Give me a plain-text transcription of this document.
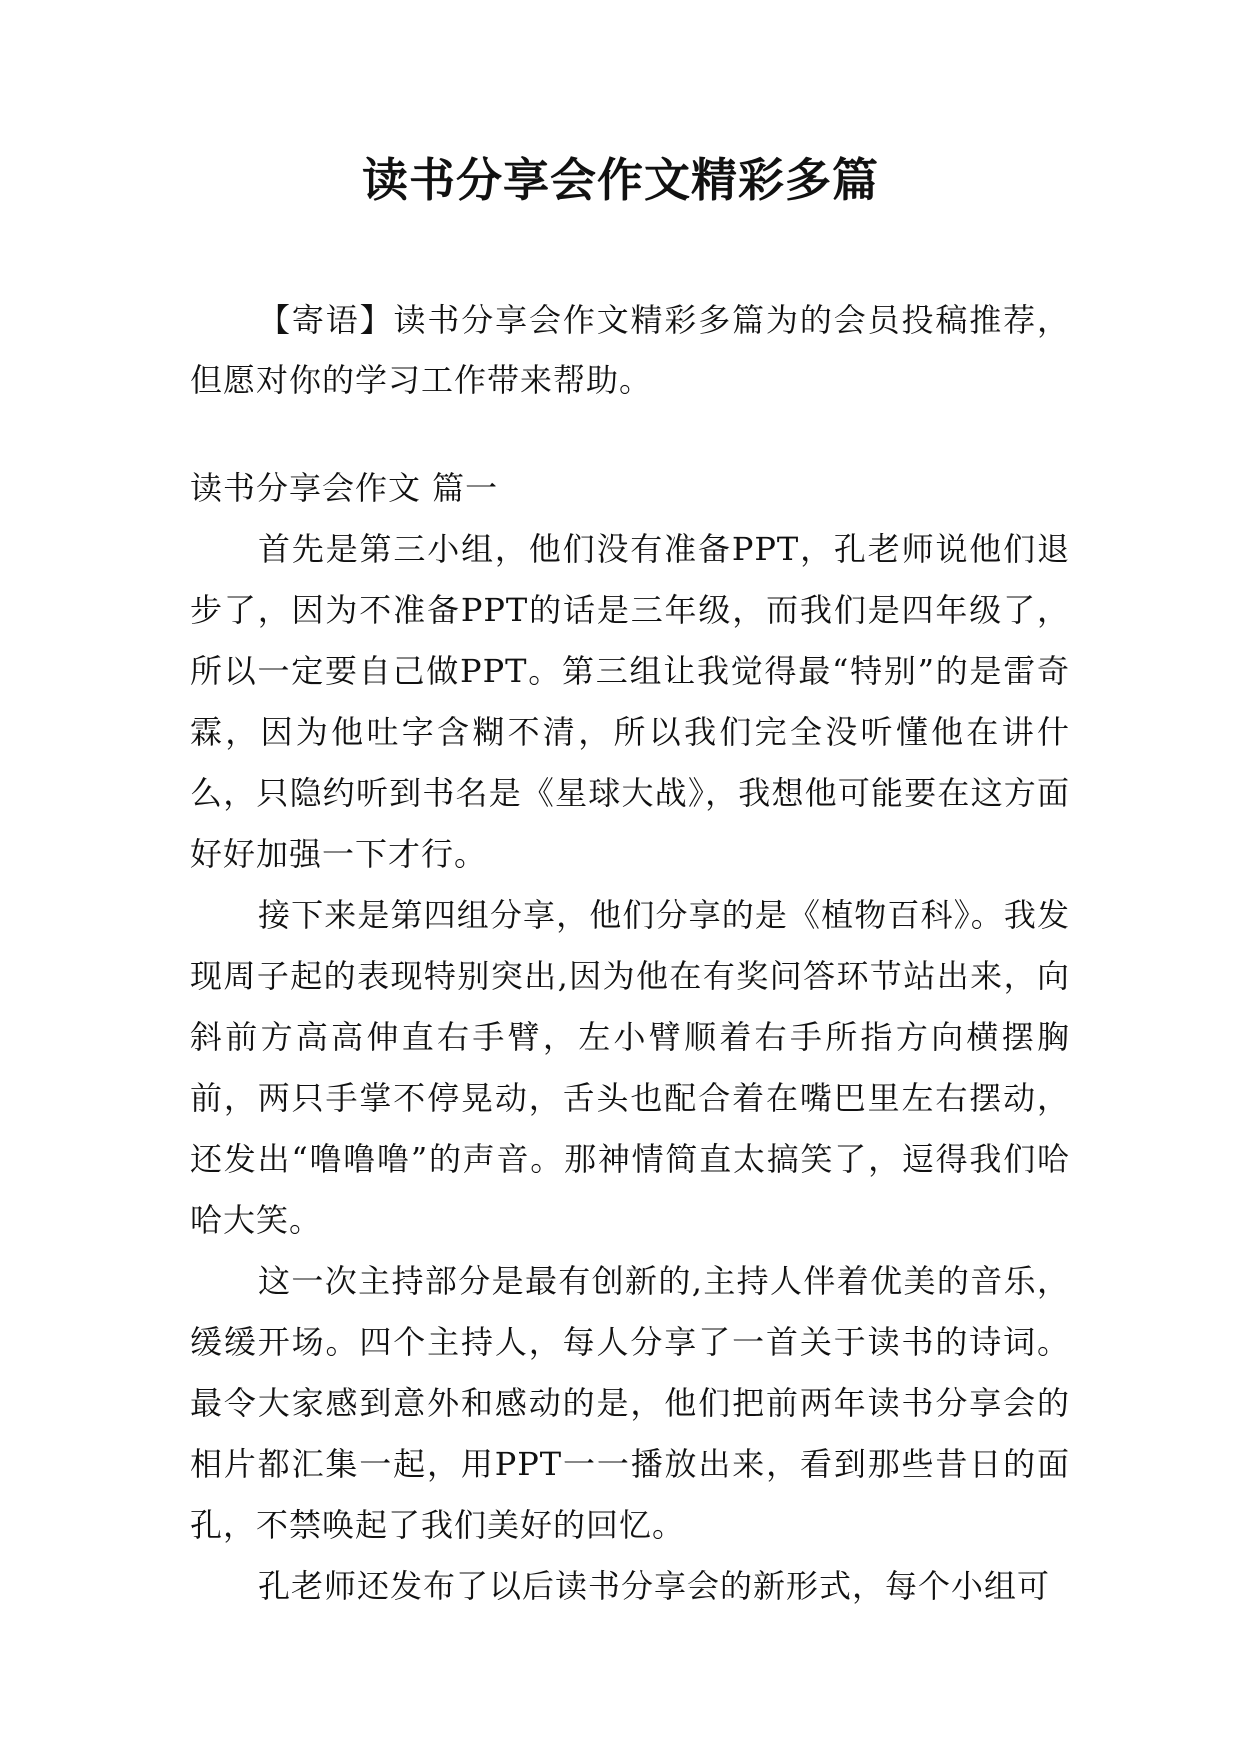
读书分享会作文精彩多篇

【寄语】读书分享会作文精彩多篇为的会员投稿推荐，但愿对你的学习工作带来帮助。

读书分享会作文 篇一

首先是第三小组，他们没有准备PPT，孔老师说他们退步了，因为不准备PPT的话是三年级，而我们是四年级了，所以一定要自己做PPT。第三组让我觉得最“特别”的是雷奇霖，因为他吐字含糊不清，所以我们完全没听懂他在讲什么，只隐约听到书名是《星球大战》，我想他可能要在这方面好好加强一下才行。

接下来是第四组分享，他们分享的是《植物百科》。我发现周子起的表现特别突出,因为他在有奖问答环节站出来，向斜前方高高伸直右手臂，左小臂顺着右手所指方向横摆胸前，两只手掌不停晃动，舌头也配合着在嘴巴里左右摆动，还发出“噜噜噜”的声音。那神情简直太搞笑了，逗得我们哈哈大笑。

这一次主持部分是最有创新的,主持人伴着优美的音乐，缓缓开场。四个主持人，每人分享了一首关于读书的诗词。最令大家感到意外和感动的是，他们把前两年读书分享会的相片都汇集一起，用PPT一一播放出来，看到那些昔日的面孔，不禁唤起了我们美好的回忆。

孔老师还发布了以后读书分享会的新形式，每个小组可
